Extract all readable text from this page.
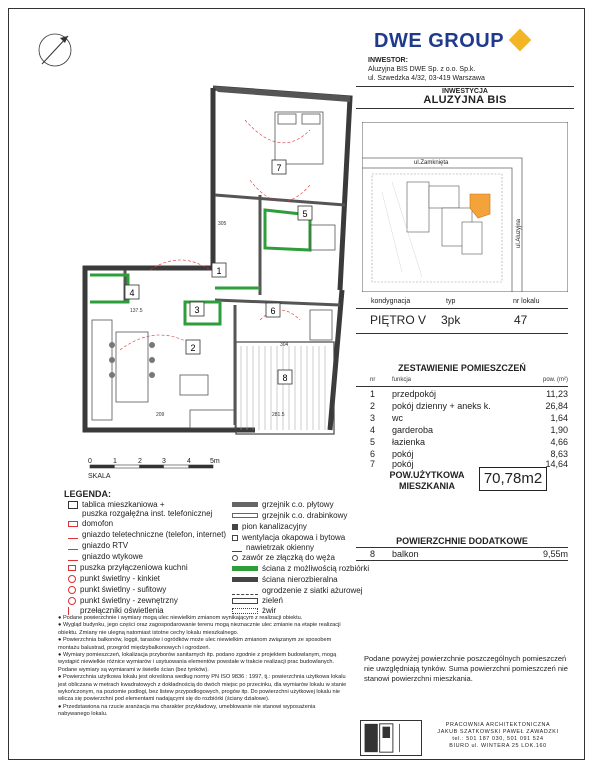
7
5
1
4
3	6
2
8
281.5
209
137.5
304
305
0	1	2	3	4	5m
SKALA
DWE GROUP
INWESTOR:
Aluzyjna BIS DWE Sp. z o.o. Sp.k.
ul. Szwedzka 4/32, 03-419 Warszawa
INWESTYCJA
ALUZYJNA BIS
ul.Zamknięta
ul.Aluzyjna
kondygnacja	typ	nr lokalu
PIĘTRO V 3pk	47
ZESTAWIENIE POMIESZCZEŃ
nr	funkcja	pow. (m²)
1 przedpokój	11,23
2 pokój dzienny + aneks k.	26,84
3 wc	1,64
4 garderoba	1,90
5 łazienka	4,66
6 pokój	8,63
7 pokój	14,64
POW.UŻYTKOWA
MIESZKANIA	70,78m2
POWIERZCHNIE DODATKOWE
8 balkon	9,55m
Podane powyżej powierzchnie poszczególnych pomieszczeń nie uwzględniają tynków. Suma powierzchni pomieszczeń nie stanowi powierzchni mieszkania.
LEGENDA:
tablica mieszkaniowa +
puszka rozgałęźna inst. telefonicznej
domofon
gniazdo teletechniczne (telefon, internet)
gniazdo RTV
gniazdo wtykowe
puszka przyłączeniowa kuchni
punkt świetlny - kinkiet
punkt świetlny - sufitowy
punkt świetlny - zewnętrzny
przełączniki oświetlenia
grzejnik c.o. płytowy
grzejnik c.o. drabinkowy
pion kanalizacyjny
wentylacja okapowa i bytowa
nawietrzak okienny
zawór ze złączką do węża
ściana z możliwością rozbiórki
ściana nierozbieralna
ogrodzenie z siatki ażurowej
zieleń
żwir
● Podane powierzchnie i wymiary mogą ulec niewielkim zmianom wynikającym z realizacji obiektu.
● Wygląd budynku, jego części oraz zagospodarowanie terenu mogą nieznacznie ulec zmianie na etapie realizacji obiektu. Zmiany nie ulegną natomiast istotne cechy lokalu mieszkalnego.
● Powierzchnia balkonów, loggii, tarasów i ogródków może ulec niewielkim zmianom związanym ze sposobem montażu balustrad, przegród międzybalkonowych i ogrodzeń.
● Wymiary pomieszczeń, lokalizacja przyborów sanitarnych itp. podano zgodnie z projektem budowlanym, mogą wystąpić niewielkie różnice wymiarów i usytuowania elementów powstałe w trakcie realizacji prac budowlanych. Podane wymiary są wymiarami w świetle ścian (bez tynków).
● Powierzchnia użytkowa lokalu jest określona według normy PN ISO 9836 : 1997, tj.: powierzchnia użytkowa lokalu jest obliczana w metrach kwadratowych z dokładnością do dwóch miejsc po przecinku, dla wymiarów lokalu w stanie wykończonym, na poziomie podłogi, bez listew przypodłogowych, progów itp. Do powierzchni użytkowej lokalu nie wlicza się powierzchni pod elementami nadającymi się do rozbiórki (ściany działowe).
● Przedstawiona na rzucie aranżacja ma charakter przykładowy, umeblowanie nie stanowi wyposażenia nabywanego lokalu.
PRACOWNIA ARCHITEKTONICZNA
JAKUB SZATKOWSKI PAWEŁ ZAWADZKI
tel.: 501 187 030, 501 091 524
BIURO ul. WINTERA 25 LOK.160
